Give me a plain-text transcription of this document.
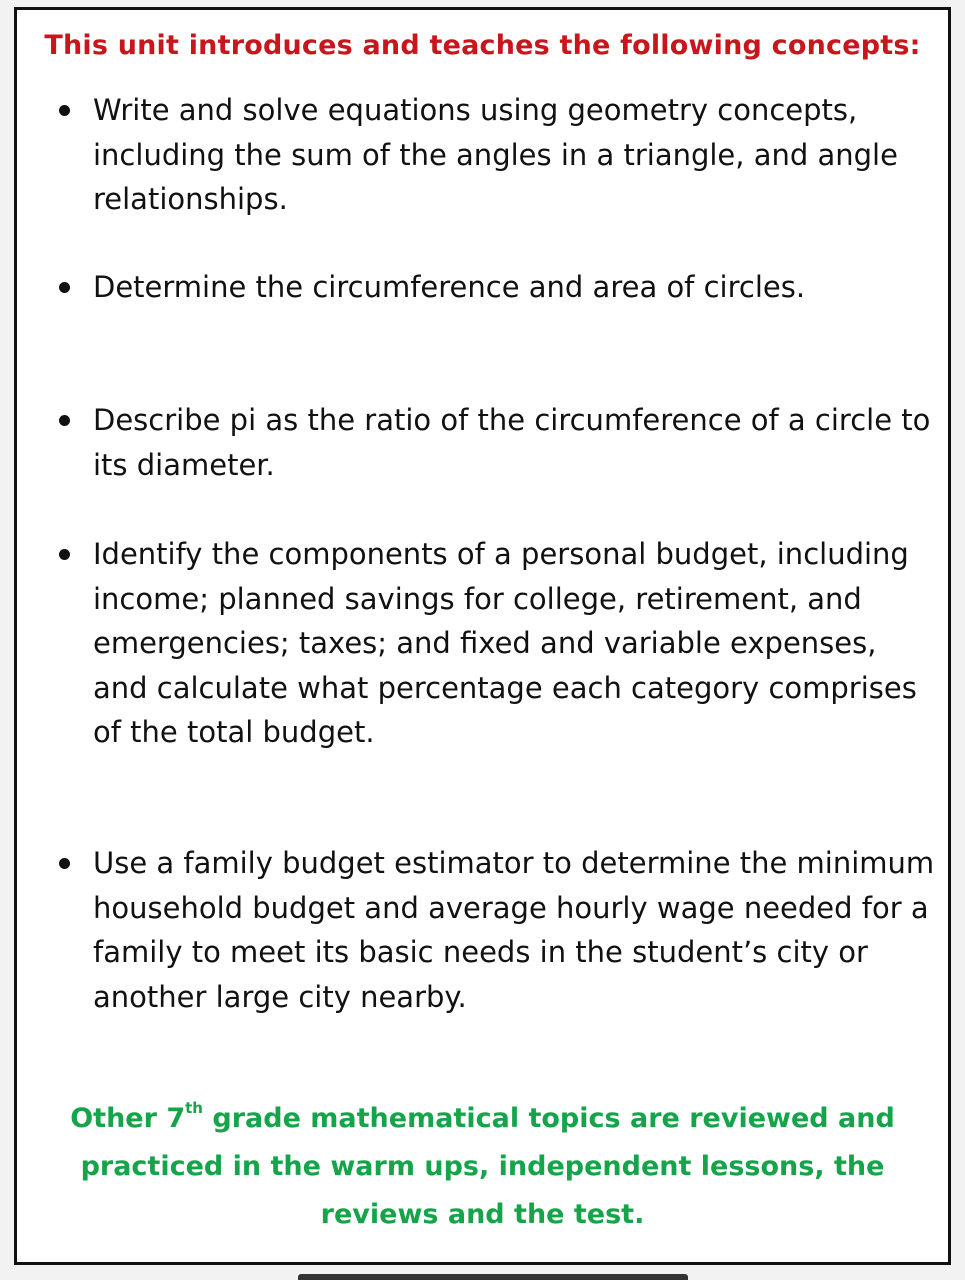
This unit introduces and teaches the following concepts:
Write and solve equations using geometry concepts, including the sum of the angles in a triangle, and angle relationships.
Determine the circumference and area of circles.
Describe pi as the ratio of the circumference of a circle to its diameter.
Identify the components of a personal budget, including income; planned savings for college, retirement, and emergencies; taxes; and fixed and variable expenses, and calculate what percentage each category comprises of the total budget.
Use a family budget estimator to determine the minimum household budget and average hourly wage needed for a family to meet its basic needs in the student’s city or another large city nearby.

Other 7th grade mathematical topics are reviewed and practiced in the warm ups, independent lessons, the reviews and the test.
